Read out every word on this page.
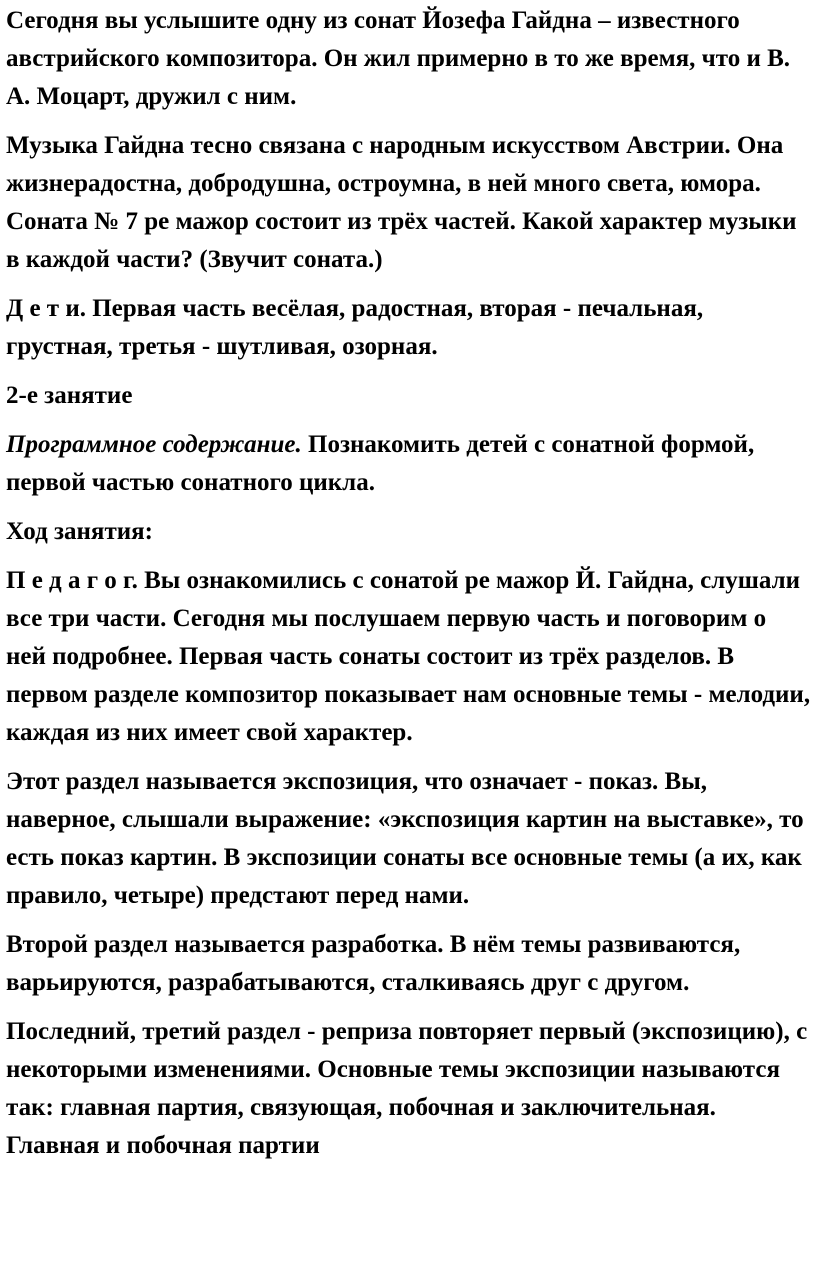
Сегодня вы услышите одну из сонат Йозефа Гайдна – известного австрийского композитора. Он жил примерно в то же время, что и В. А. Моцарт, дружил с ним.

Музыка Гайдна тесно связана с народным искусством Австрии. Она жизнерадостна, добродушна, остроумна, в ней много света, юмора. Соната № 7 ре мажор состоит из трёх частей. Какой характер музыки в каждой части? (Звучит соната.)

Д е т и. Первая часть весёлая, радостная, вторая - печальная, грустная, третья - шутливая, озорная.

2-е занятие

Программное содержание. Познакомить детей с сонатной формой, первой частью сонатного цикла.

Ход занятия:

П е д а г о г. Вы ознакомились с сонатой ре мажор Й. Гайдна, слушали все три части. Сегодня мы послушаем первую часть и поговорим о ней подробнее. Первая часть сонаты состоит из трёх разделов. В первом разделе композитор показывает нам основные темы - мелодии, каждая из них имеет свой характер.

Этот раздел называется экспозиция, что означает - показ. Вы, наверное, слышали выражение: «экспозиция картин на выставке», то есть показ картин. В экспозиции сонаты все основные темы (а их, как правило, четыре) предстают перед нами.

Второй раздел называется разработка. В нём темы развиваются, варьируются, разрабатываются, сталкиваясь друг с другом.

Последний, третий раздел - реприза повторяет первый (экспозицию), с некоторыми изменениями. Основные темы экспозиции называются так: главная партия, связующая, побочная и заключительная. Главная и побочная партии
